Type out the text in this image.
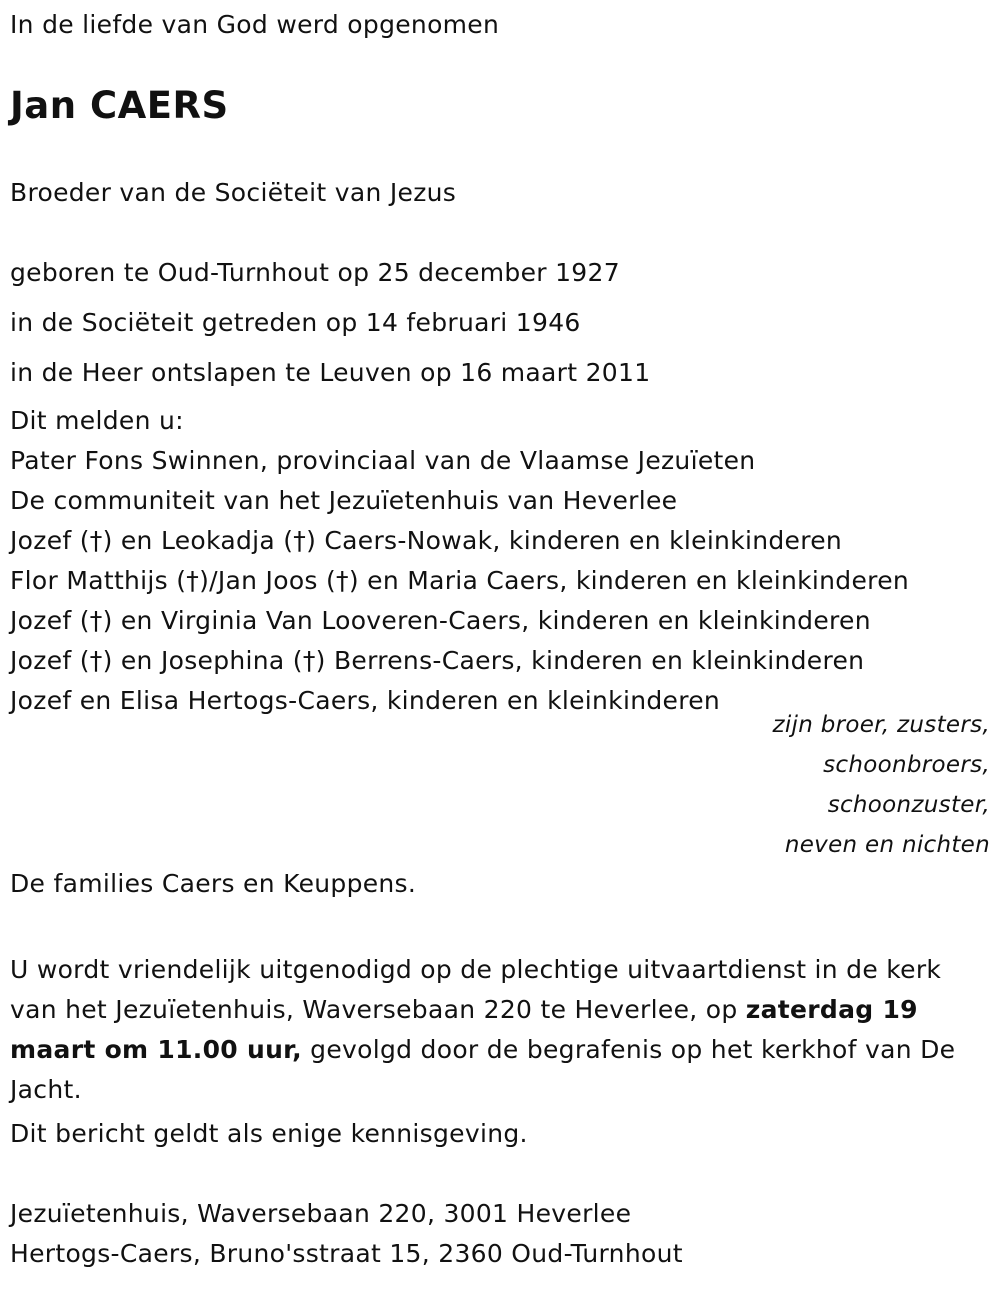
In de liefde van God werd opgenomen
Jan CAERS
Broeder van de Sociëteit van Jezus
geboren te Oud-Turnhout op 25 december 1927
in de Sociëteit getreden op 14 februari 1946
in de Heer ontslapen te Leuven op 16 maart 2011
Dit melden u:
Pater Fons Swinnen, provinciaal van de Vlaamse Jezuïeten
De communiteit van het Jezuïetenhuis van Heverlee
Jozef (†) en Leokadja (†) Caers-Nowak, kinderen en kleinkinderen
Flor Matthijs (†)/Jan Joos (†) en Maria Caers, kinderen en kleinkinderen
Jozef (†) en Virginia Van Looveren-Caers, kinderen en kleinkinderen
Jozef (†) en Josephina (†) Berrens-Caers, kinderen en kleinkinderen
Jozef en Elisa Hertogs-Caers, kinderen en kleinkinderen
zijn broer, zusters,
schoonbroers,
schoonzuster,
neven en nichten
De families Caers en Keuppens.
U wordt vriendelijk uitgenodigd op de plechtige uitvaartdienst in de kerk van het Jezuïetenhuis, Waversebaan 220 te Heverlee, op zaterdag 19 maart om 11.00 uur, gevolgd door de begrafenis op het kerkhof van De Jacht.
Dit bericht geldt als enige kennisgeving.
Jezuïetenhuis, Waversebaan 220, 3001 Heverlee
Hertogs-Caers, Bruno'sstraat 15, 2360 Oud-Turnhout
